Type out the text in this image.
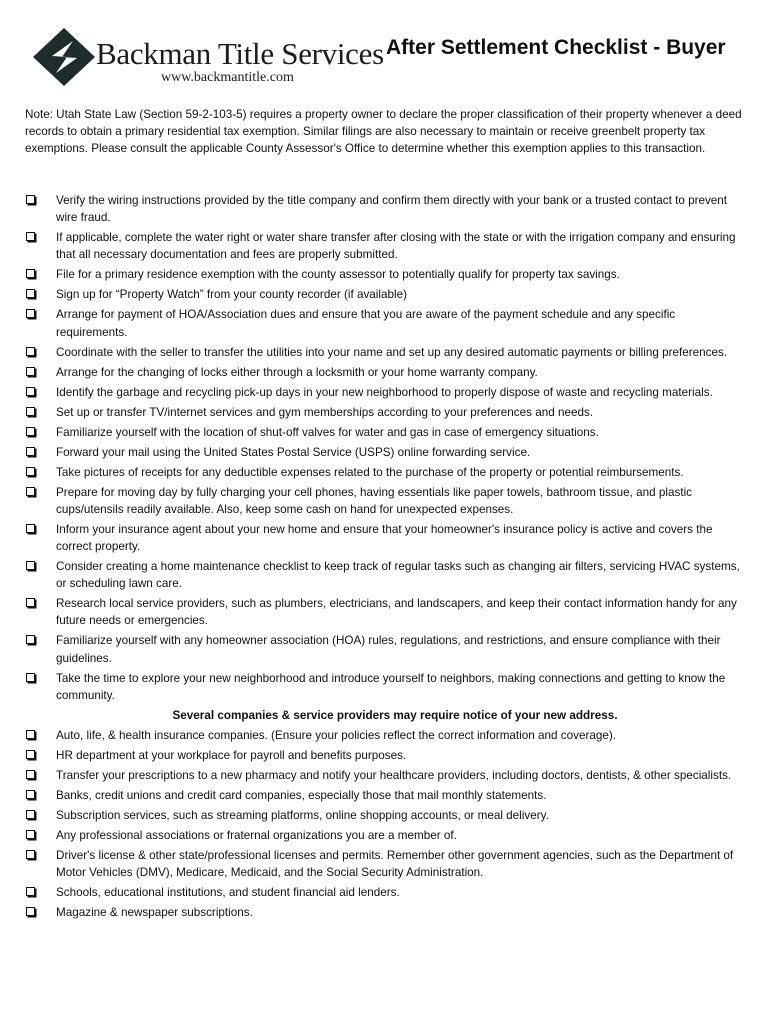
Backman Title Services
www.backmantitle.com
After Settlement Checklist - Buyer

Note: Utah State Law (Section 59-2-103-5) requires a property owner to declare the proper classification of their property whenever a deed records to obtain a primary residential tax exemption. Similar filings are also necessary to maintain or receive greenbelt property tax exemptions. Please consult the applicable County Assessor's Office to determine whether this exemption applies to this transaction.

Verify the wiring instructions provided by the title company and confirm them directly with your bank or a trusted contact to prevent wire fraud.
If applicable, complete the water right or water share transfer after closing with the state or with the irrigation company and ensuring that all necessary documentation and fees are properly submitted.
File for a primary residence exemption with the county assessor to potentially qualify for property tax savings.
Sign up for “Property Watch” from your county recorder (if available)
Arrange for payment of HOA/Association dues and ensure that you are aware of the payment schedule and any specific requirements.
Coordinate with the seller to transfer the utilities into your name and set up any desired automatic payments or billing preferences.
Arrange for the changing of locks either through a locksmith or your home warranty company.
Identify the garbage and recycling pick-up days in your new neighborhood to properly dispose of waste and recycling materials.
Set up or transfer TV/internet services and gym memberships according to your preferences and needs.
Familiarize yourself with the location of shut-off valves for water and gas in case of emergency situations.
Forward your mail using the United States Postal Service (USPS) online forwarding service.
Take pictures of receipts for any deductible expenses related to the purchase of the property or potential reimbursements.
Prepare for moving day by fully charging your cell phones, having essentials like paper towels, bathroom tissue, and plastic cups/utensils readily available. Also, keep some cash on hand for unexpected expenses.
Inform your insurance agent about your new home and ensure that your homeowner's insurance policy is active and covers the correct property.
Consider creating a home maintenance checklist to keep track of regular tasks such as changing air filters, servicing HVAC systems, or scheduling lawn care.
Research local service providers, such as plumbers, electricians, and landscapers, and keep their contact information handy for any future needs or emergencies.
Familiarize yourself with any homeowner association (HOA) rules, regulations, and restrictions, and ensure compliance with their guidelines.
Take the time to explore your new neighborhood and introduce yourself to neighbors, making connections and getting to know the community.
Several companies & service providers may require notice of your new address.
Auto, life, & health insurance companies. (Ensure your policies reflect the correct information and coverage).
HR department at your workplace for payroll and benefits purposes.
Transfer your prescriptions to a new pharmacy and notify your healthcare providers, including doctors, dentists, & other specialists.
Banks, credit unions and credit card companies, especially those that mail monthly statements.
Subscription services, such as streaming platforms, online shopping accounts, or meal delivery.
Any professional associations or fraternal organizations you are a member of.
Driver's license & other state/professional licenses and permits. Remember other government agencies, such as the Department of Motor Vehicles (DMV), Medicare, Medicaid, and the Social Security Administration.
Schools, educational institutions, and student financial aid lenders.
Magazine & newspaper subscriptions.
